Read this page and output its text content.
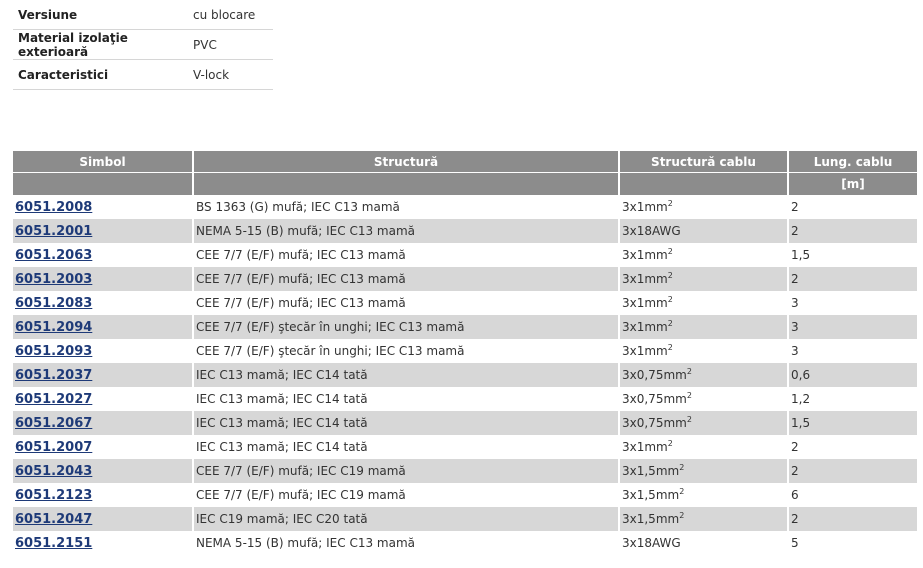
Versiune	cu blocare
Material izolaţie exterioară	PVC
Caracteristici	V-lock
Simbol	Structură	Structură cablu	Lung. cablu
			[m]
6051.2008	BS 1363 (G) mufă; IEC C13 mamă	$3x1mm^2$	2
6051.2001	NEMA 5-15 (B) mufă; IEC C13 mamă	3x18AWG	2
6051.2063	CEE 7/7 (E/F) mufă; IEC C13 mamă	$3x1mm^2$	1,5
6051.2003	CEE 7/7 (E/F) mufă; IEC C13 mamă	$3x1mm^2$	2
6051.2083	CEE 7/7 (E/F) mufă; IEC C13 mamă	$3x1mm^2$	3
6051.2094	CEE 7/7 (E/F) ştecăr în unghi; IEC C13 mamă	$3x1mm^2$	3
6051.2093	CEE 7/7 (E/F) ştecăr în unghi; IEC C13 mamă	$3x1mm^2$	3
6051.2037	IEC C13 mamă; IEC C14 tată	$3x0,75mm^2$	0,6
6051.2027	IEC C13 mamă; IEC C14 tată	$3x0,75mm^2$	1,2
6051.2067	IEC C13 mamă; IEC C14 tată	$3x0,75mm^2$	1,5
6051.2007	IEC C13 mamă; IEC C14 tată	$3x1mm^2$	2
6051.2043	CEE 7/7 (E/F) mufă; IEC C19 mamă	$3x1,5mm^2$	2
6051.2123	CEE 7/7 (E/F) mufă; IEC C19 mamă	$3x1,5mm^2$	6
6051.2047	IEC C19 mamă; IEC C20 tată	$3x1,5mm^2$	2
6051.2151	NEMA 5-15 (B) mufă; IEC C13 mamă	3x18AWG	5
